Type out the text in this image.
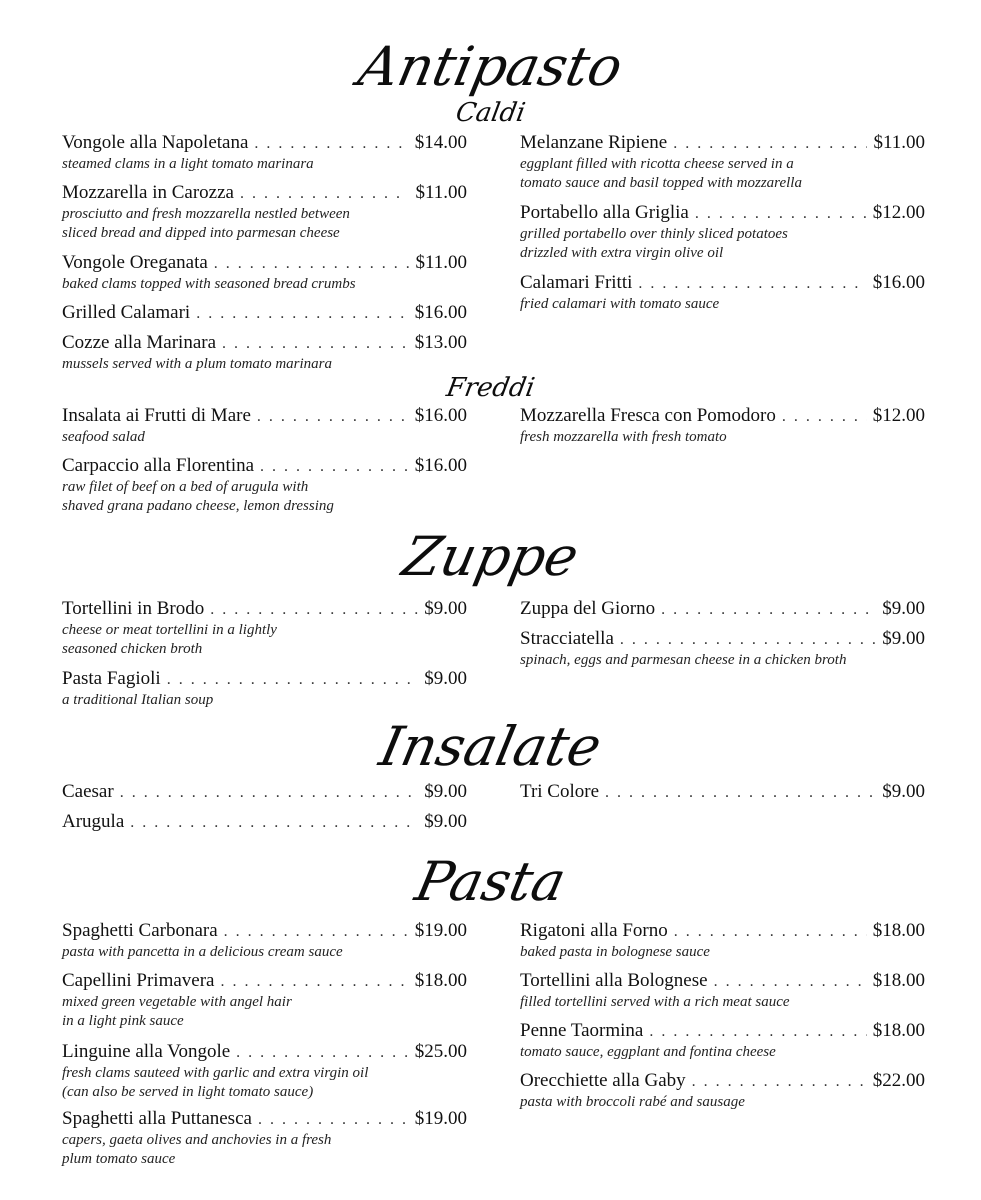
Antipasto
Caldi
Vongole alla Napoletana . . .	$14.00
steamed clams in a light tomato marinara
Mozzarella in Carozza . . .	$11.00
prosciutto and fresh mozzarella nestled between
sliced bread and dipped into parmesan cheese
Vongole Oreganata . . .	$11.00
baked clams topped with seasoned bread crumbs
Grilled Calamari . . .	$16.00
Cozze alla Marinara . . .	$13.00
mussels served with a plum tomato marinara
Melanzane Ripiene . . .	$11.00
eggplant filled with ricotta cheese served in a
tomato sauce and basil topped with mozzarella
Portabello alla Griglia . . .	$12.00
grilled portabello over thinly sliced potatoes
drizzled with extra virgin olive oil
Calamari Fritti . . .	$16.00
fried calamari with tomato sauce
Freddi
Insalata ai Frutti di Mare . . .	$16.00
seafood salad
Carpaccio alla Florentina . . .	$16.00
raw filet of beef on a bed of arugula with
shaved grana padano cheese, lemon dressing
Mozzarella Fresca con Pomodoro . . .	$12.00
fresh mozzarella with fresh tomato
Zuppe
Tortellini in Brodo . . .	$9.00
cheese or meat tortellini in a lightly
seasoned chicken broth
Pasta Fagioli . . .	$9.00
a traditional Italian soup
Zuppa del Giorno . . .	$9.00
Stracciatella . . .	$9.00
spinach, eggs and parmesan cheese in a chicken broth
Insalate
Caesar . . .	$9.00
Arugula . . .	$9.00
Tri Colore . . .	$9.00
Pasta
Spaghetti Carbonara . . .	$19.00
pasta with pancetta in a delicious cream sauce
Capellini Primavera . . .	$18.00
mixed green vegetable with angel hair
in a light pink sauce
Linguine alla Vongole . . .	$25.00
fresh clams sauteed with garlic and extra virgin oil
(can also be served in light tomato sauce)
Spaghetti alla Puttanesca . . .	$19.00
capers, gaeta olives and anchovies in a fresh
plum tomato sauce
Rigatoni alla Forno . . .	$18.00
baked pasta in bolognese sauce
Tortellini alla Bolognese . . .	$18.00
filled tortellini served with a rich meat sauce
Penne Taormina . . .	$18.00
tomato sauce, eggplant and fontina cheese
Orecchiette alla Gaby . . .	$22.00
pasta with broccoli rabé and sausage
